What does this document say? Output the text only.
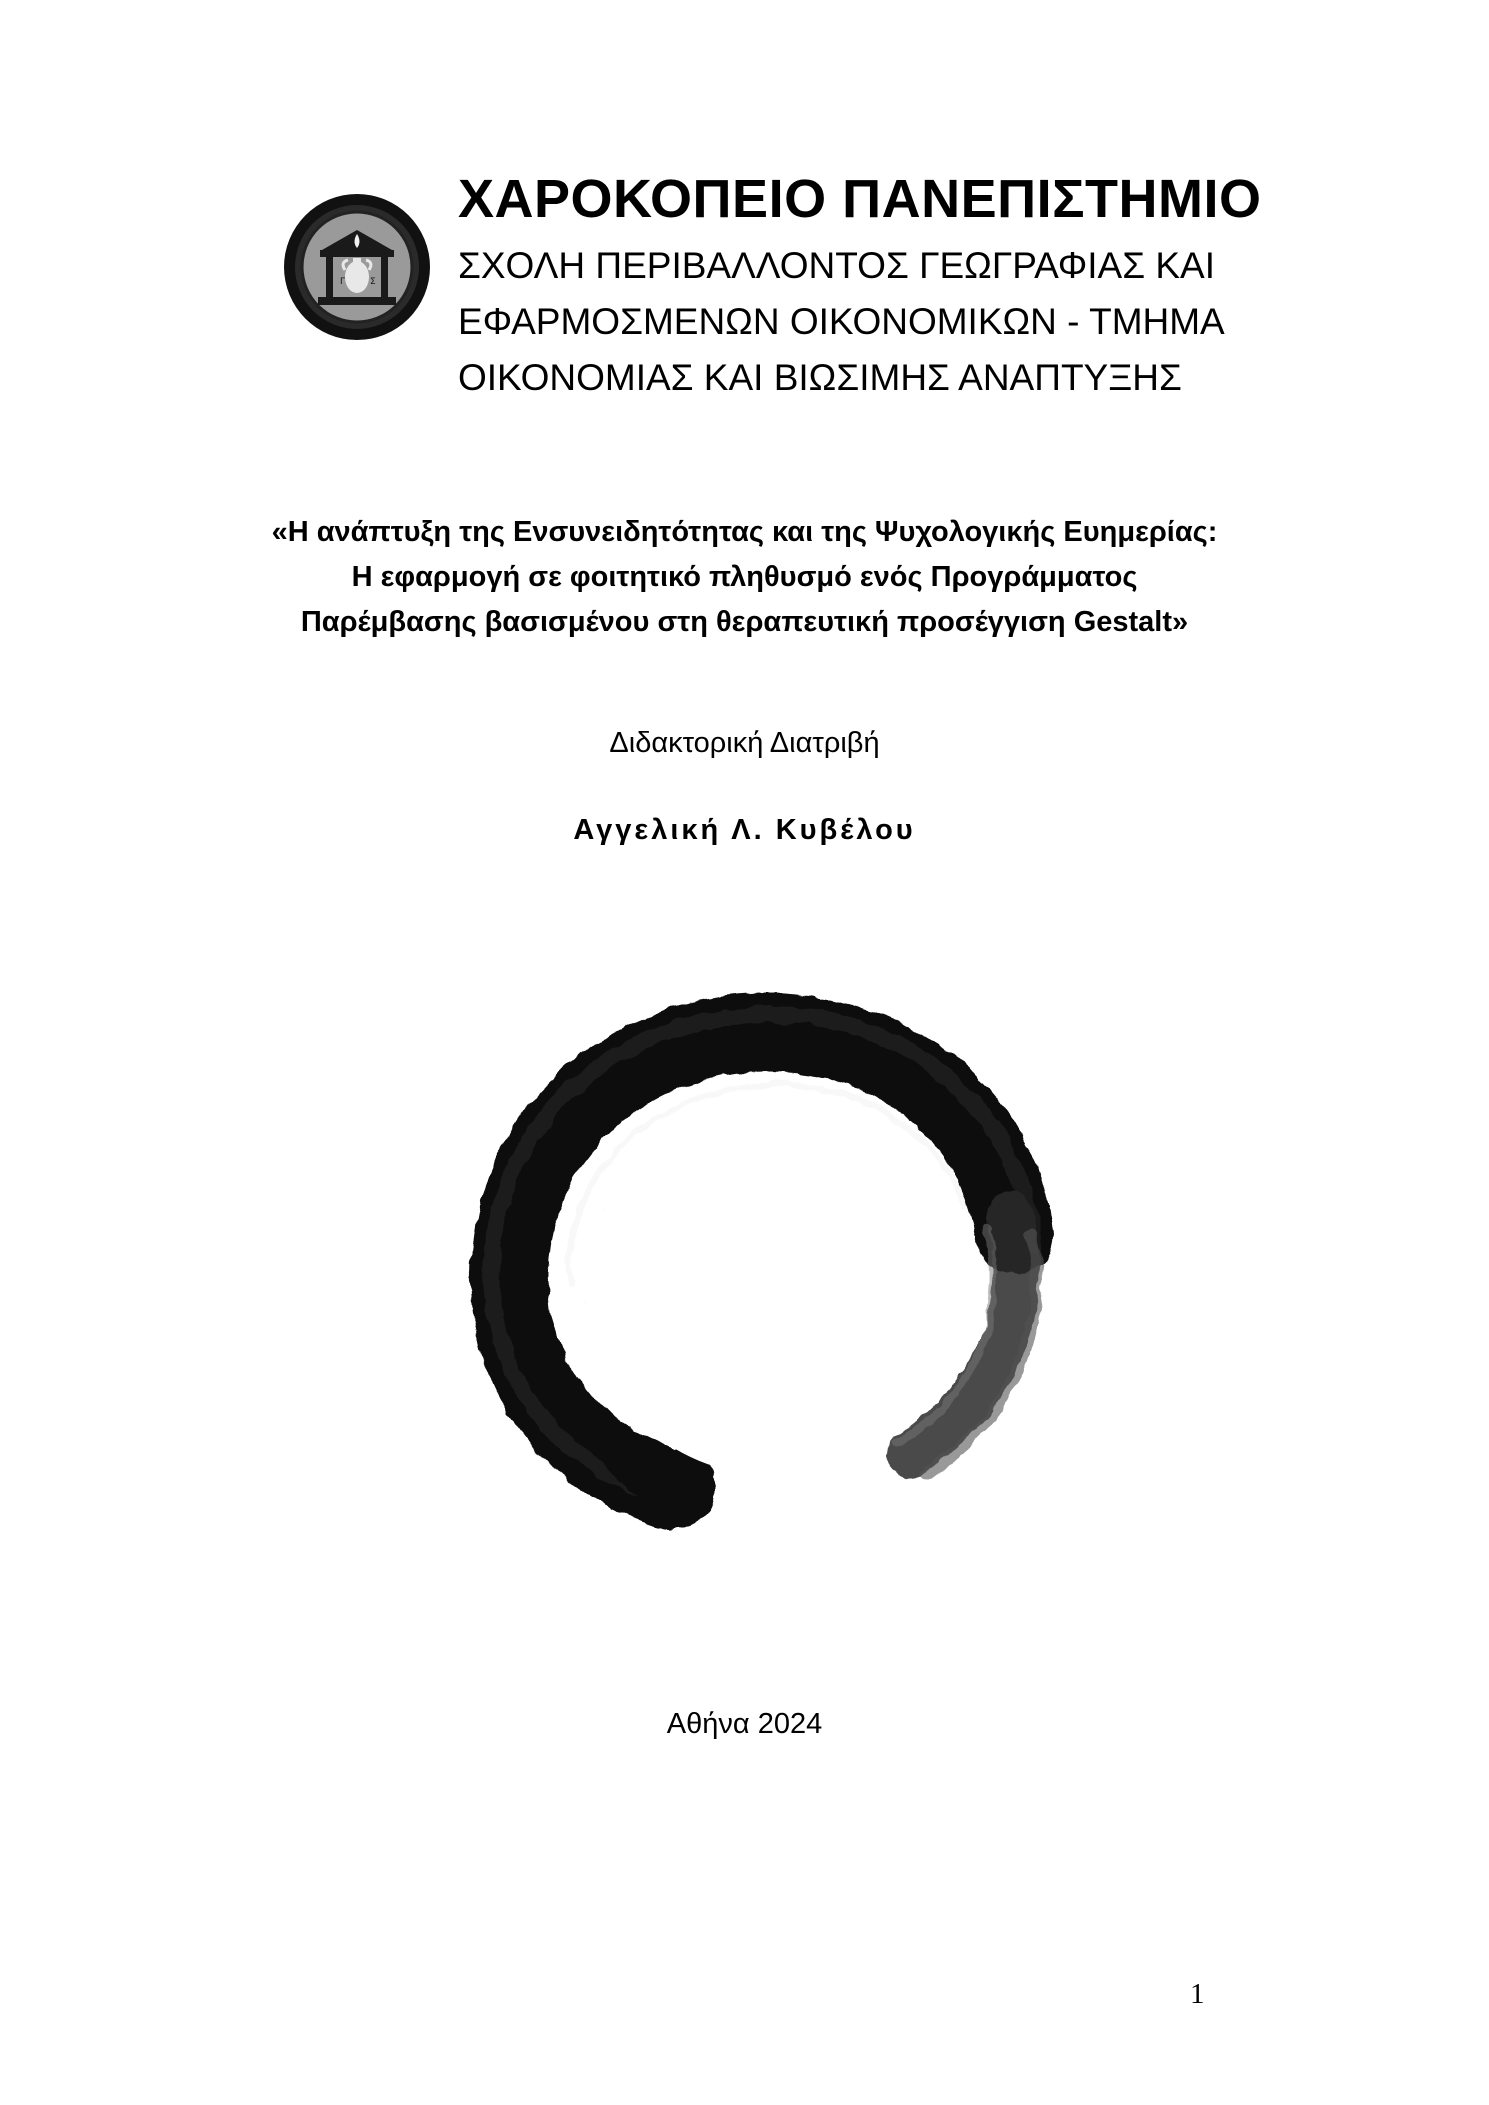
Γ	Σ
ΧΑΡΟΚΟΠΕΙΟ ΠΑΝΕΠΙΣΤΗΜΙΟ
ΣΧΟΛΗ ΠΕΡΙΒΑΛΛΟΝΤΟΣ ΓΕΩΓΡΑΦΙΑΣ ΚΑΙ
ΕΦΑΡΜΟΣΜΕΝΩΝ ΟΙΚΟΝΟΜΙΚΩΝ - ΤΜΗΜΑ
ΟΙΚΟΝΟΜΙΑΣ ΚΑΙ ΒΙΩΣΙΜΗΣ ΑΝΑΠΤΥΞΗΣ
«Η ανάπτυξη της Ενσυνειδητότητας και της Ψυχολογικής Ευημερίας:
Η εφαρμογή σε φοιτητικό πληθυσμό ενός Προγράμματος
Παρέμβασης βασισμένου στη θεραπευτική προσέγγιση Gestalt»
Διδακτορική Διατριβή
Αγγελική Λ. Κυβέλου
Αθήνα 2024
1
